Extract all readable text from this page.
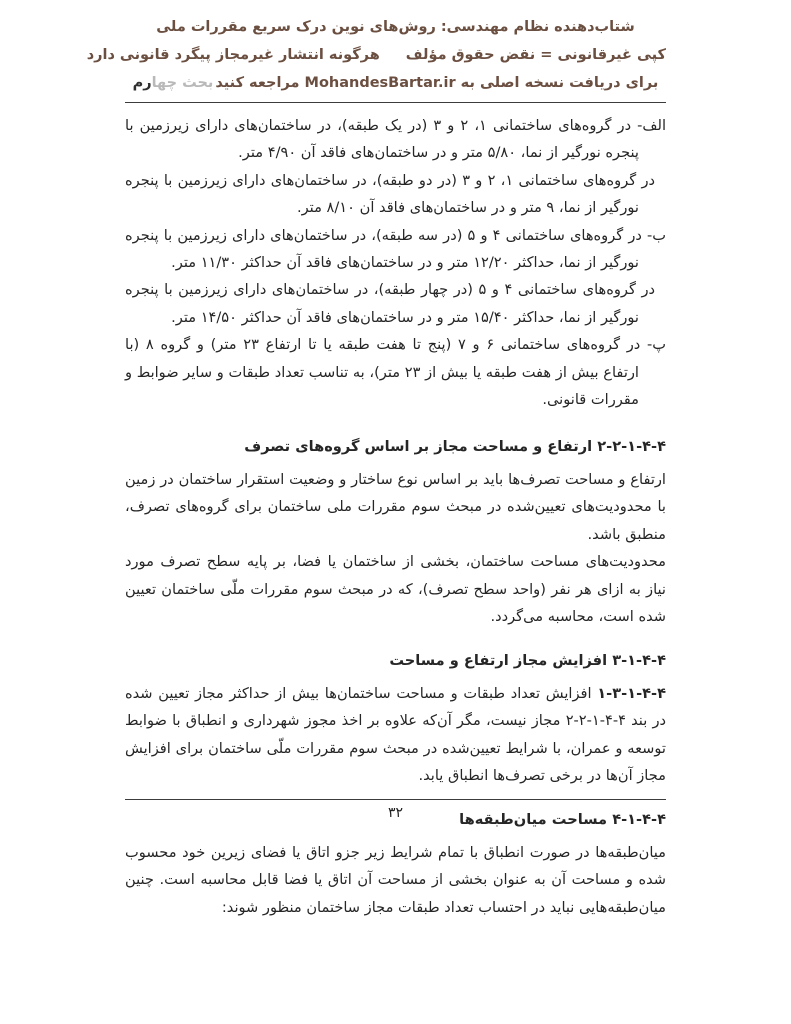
شتاب‌دهنده نظام مهندسی: روش‌های نوین درک سریع مقررات ملی
کپی غیرقانونی = نقض حقوق مؤلفهرگونه انتشار غیرمجاز پیگرد قانونی دارد
برای دریافت نسخه اصلی به MohandesBartar.ir مراجعه کنیدبحث چهارم
الف- در گروه‌های ساختمانی ۱، ۲ و ۳ (در یک طبقه)، در ساختمان‌های دارای زیرزمین با پنجره نورگیر از نما، ۵/۸۰ متر و در ساختمان‌های فاقد آن ۴/۹۰ متر.
در گروه‌های ساختمانی ۱، ۲ و ۳ (در دو طبقه)، در ساختمان‌های دارای زیرزمین با پنجره نورگیر از نما، ۹ متر و در ساختمان‌های فاقد آن ۸/۱۰ متر.
ب- در گروه‌های ساختمانی ۴ و ۵ (در سه طبقه)، در ساختمان‌های دارای زیرزمین با پنجره نورگیر از نما، حداکثر ۱۲/۲۰ متر و در ساختمان‌های فاقد آن حداکثر ۱۱/۳۰ متر.
در گروه‌های ساختمانی ۴ و ۵ (در چهار طبقه)، در ساختمان‌های دارای زیرزمین با پنجره نورگیر از نما، حداکثر ۱۵/۴۰ متر و در ساختمان‌های فاقد آن حداکثر ۱۴/۵۰ متر.
پ- در گروه‌های ساختمانی ۶ و ۷ (پنج تا هفت طبقه یا تا ارتفاع ۲۳ متر) و گروه ۸ (با ارتفاع بیش از هفت طبقه یا بیش از ۲۳ متر)، به تناسب تعداد طبقات و سایر ضوابط و مقررات قانونی.
۴-۴-۱-۲-۲ ارتفاع و مساحت مجاز بر اساس گروه‌های تصرف
ارتفاع و مساحت تصرف‌ها باید بر اساس نوع ساختار و وضعیت استقرار ساختمان در زمین با محدودیت‌های تعیین‌شده در مبحث سوم مقررات ملی ساختمان برای گروه‌های تصرف، منطبق باشد.
محدودیت‌های مساحت ساختمان، بخشی از ساختمان یا فضا، بر پایه سطح تصرف مورد نیاز به ازای هر نفر (واحد سطح تصرف)، که در مبحث سوم مقررات ملّی ساختمان تعیین شده است، محاسبه می‌گردد.
۴-۴-۱-۳ افزایش مجاز ارتفاع و مساحت
۴-۴-۱-۳-۱ افزایش تعداد طبقات و مساحت ساختمان‌ها بیش از حداکثر مجاز تعیین شده در بند ۴-۴-۱-۲-۲ مجاز نیست، مگر آن‌که علاوه بر اخذ مجوز شهرداری و انطباق با ضوابط توسعه و عمران، با شرایط تعیین‌شده در مبحث سوم مقررات ملّی ساختمان برای افزایش مجاز آن‌ها در برخی تصرف‌ها انطباق یابد.
۴-۴-۱-۴ مساحت میان‌طبقه‌ها
میان‌طبقه‌ها در صورت انطباق با تمام شرایط زیر جزو اتاق یا فضای زیرین خود محسوب شده و مساحت آن به عنوان بخشی از مساحت آن اتاق یا فضا قابل محاسبه است. چنین میان‌طبقه‌هایی نباید در احتساب تعداد طبقات مجاز ساختمان منظور شوند:
۳۲
